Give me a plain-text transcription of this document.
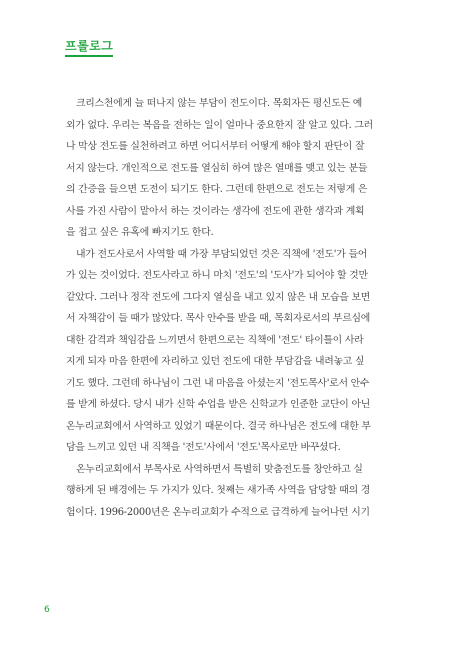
프롤로그
크리스천에게 늘 떠나지 않는 부담이 전도이다. 목회자든 평신도든 예
외가 없다. 우리는 복음을 전하는 일이 얼마나 중요한지 잘 알고 있다. 그러
나 막상 전도를 실천하려고 하면 어디서부터 어떻게 해야 할지 판단이 잘
서지 않는다. 개인적으로 전도를 열심히 하여 많은 열매를 맺고 있는 분들
의 간증을 들으면 도전이 되기도 한다. 그런데 한편으로 전도는 저렇게 은
사를 가진 사람이 맡아서 하는 것이라는 생각에 전도에 관한 생각과 계획
을 접고 싶은 유혹에 빠지기도 한다.
내가 전도사로서 사역할 때 가장 부담되었던 것은 직책에 '전도'가 들어
가 있는 것이었다. 전도사라고 하니 마치 '전도'의 '도사'가 되어야 할 것만
같았다. 그러나 정작 전도에 그다지 열심을 내고 있지 않은 내 모습을 보면
서 자책감이 들 때가 많았다. 목사 안수를 받을 때, 목회자로서의 부르심에
대한 감격과 책임감을 느끼면서 한편으로는 직책에 '전도' 타이틀이 사라
지게 되자 마음 한편에 자리하고 있던 전도에 대한 부담감을 내려놓고 싶
기도 했다. 그런데 하나님이 그런 내 마음을 아셨는지 '전도목사'로서 안수
를 받게 하셨다. 당시 내가 신학 수업을 받은 신학교가 인준한 교단이 아닌
온누리교회에서 사역하고 있었기 때문이다. 결국 하나님은 전도에 대한 부
담을 느끼고 있던 내 직책을 '전도'사에서 '전도'목사로만 바꾸셨다.
온누리교회에서 부목사로 사역하면서 특별히 맞춤전도를 창안하고 실
행하게 된 배경에는 두 가지가 있다. 첫째는 새가족 사역을 담당할 때의 경
험이다. 1996-2000년은 온누리교회가 수적으로 급격하게 늘어나던 시기
6
